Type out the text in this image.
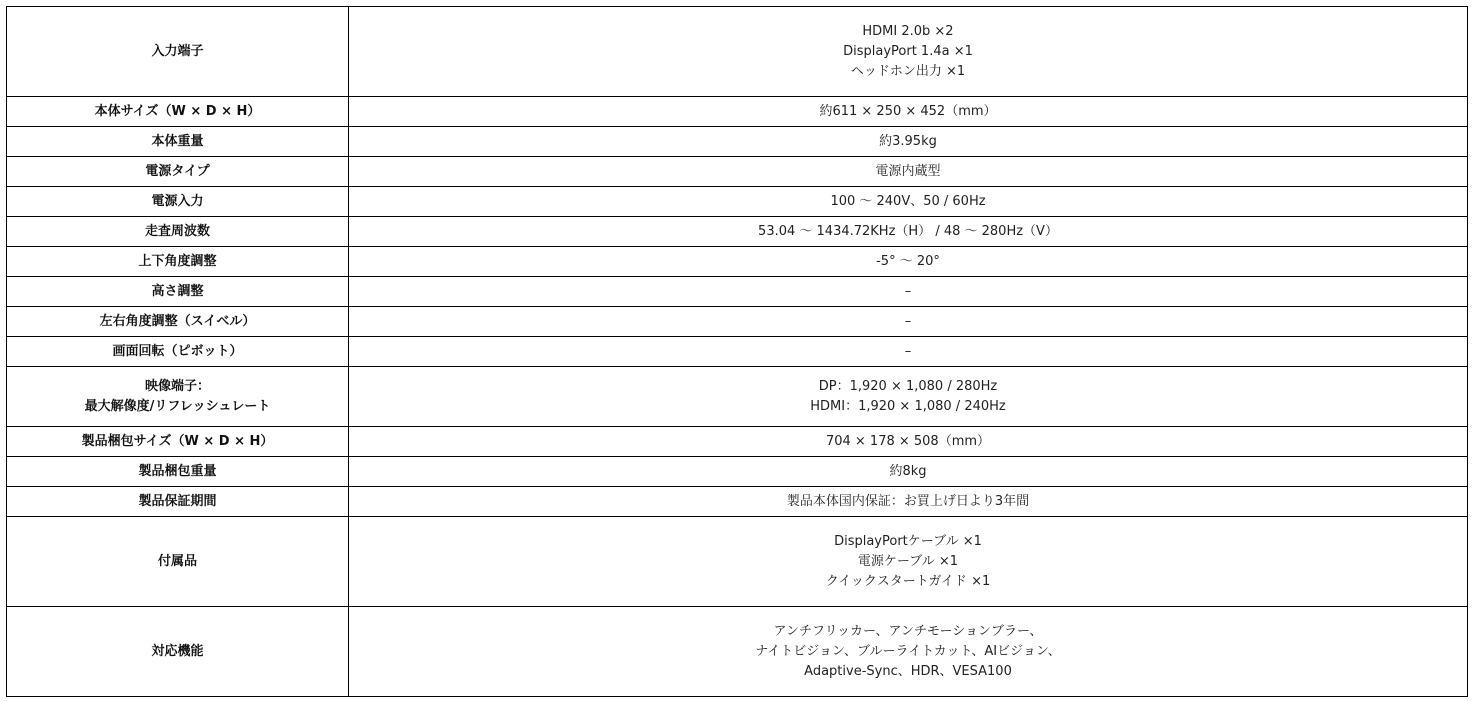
入力端子	HDMI 2.0b ×2
DisplayPort 1.4a ×1
ヘッドホン出力 ×1

本体サイズ（W × D × H）	約611 × 250 × 452（mm）

本体重量	約3.95kg

電源タイプ	電源内蔵型

電源入力	100 ～ 240V、50 / 60Hz

走査周波数	53.04 ～ 1434.72KHz（H） / 48 ～ 280Hz（V）

上下角度調整	-5° ～ 20°

高さ調整	–

左右角度調整（スイベル）	–

画面回転（ピボット）	–

映像端子：
最大解像度/リフレッシュレート	DP：1,920 × 1,080 / 280Hz
HDMI：1,920 × 1,080 / 240Hz

製品梱包サイズ（W × D × H）	704 × 178 × 508（mm）

製品梱包重量	約8kg

製品保証期間	製品本体国内保証：お買上げ日より3年間

付属品	DisplayPortケーブル ×1
電源ケーブル ×1
クイックスタートガイド ×1

対応機能	アンチフリッカー、アンチモーションブラー、
ナイトビジョン、ブルーライトカット、AIビジョン、
Adaptive-Sync、HDR、VESA100
